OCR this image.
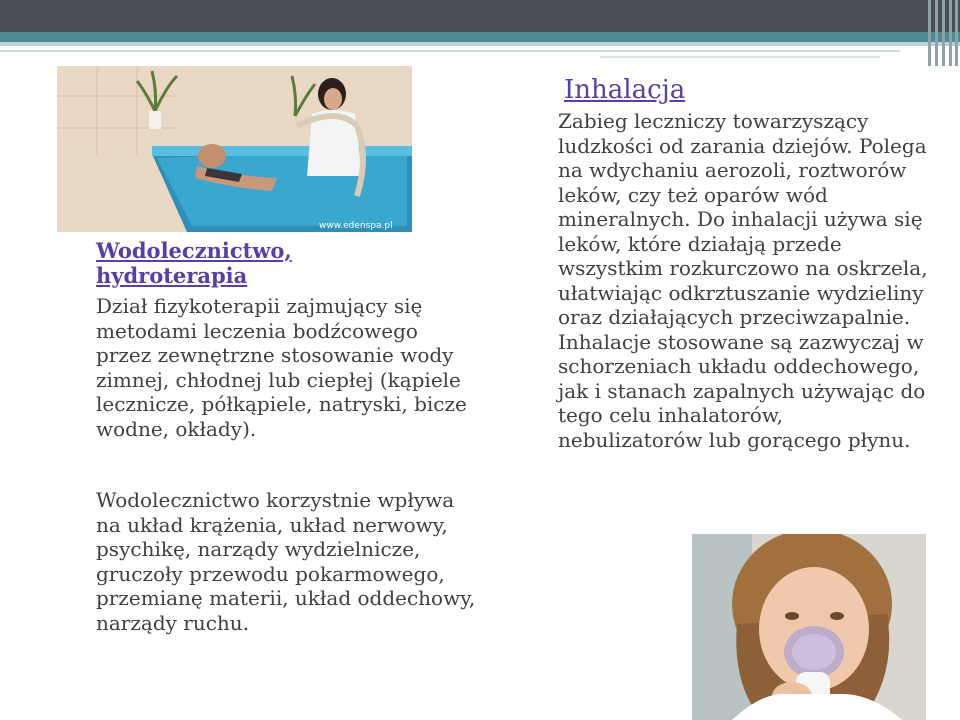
www.edenspa.pl
Wodolecznictwo, hydroterapia
Dział fizykoterapii zajmujący się metodami leczenia bodźcowego przez zewnętrzne stosowanie wody zimnej, chłodnej lub ciepłej (kąpiele lecznicze, półkąpiele, natryski, bicze wodne, okłady).
Wodolecznictwo korzystnie wpływa na układ krążenia, układ nerwowy, psychikę, narządy wydzielnicze, gruczoły przewodu pokarmowego, przemianę materii, układ oddechowy, narządy ruchu.
Inhalacja
Zabieg leczniczy towarzyszący ludzkości od zarania dziejów. Polega na wdychaniu aerozoli, roztworów leków, czy też oparów wód mineralnych. Do inhalacji używa się leków, które działają przede wszystkim rozkurczowo na oskrzela, ułatwiając odkrztuszanie wydzieliny oraz działających przeciwzapalnie. Inhalacje stosowane są zazwyczaj w schorzeniach układu oddechowego, jak i stanach zapalnych używając do tego celu inhalatorów, nebulizatorów lub gorącego płynu.
